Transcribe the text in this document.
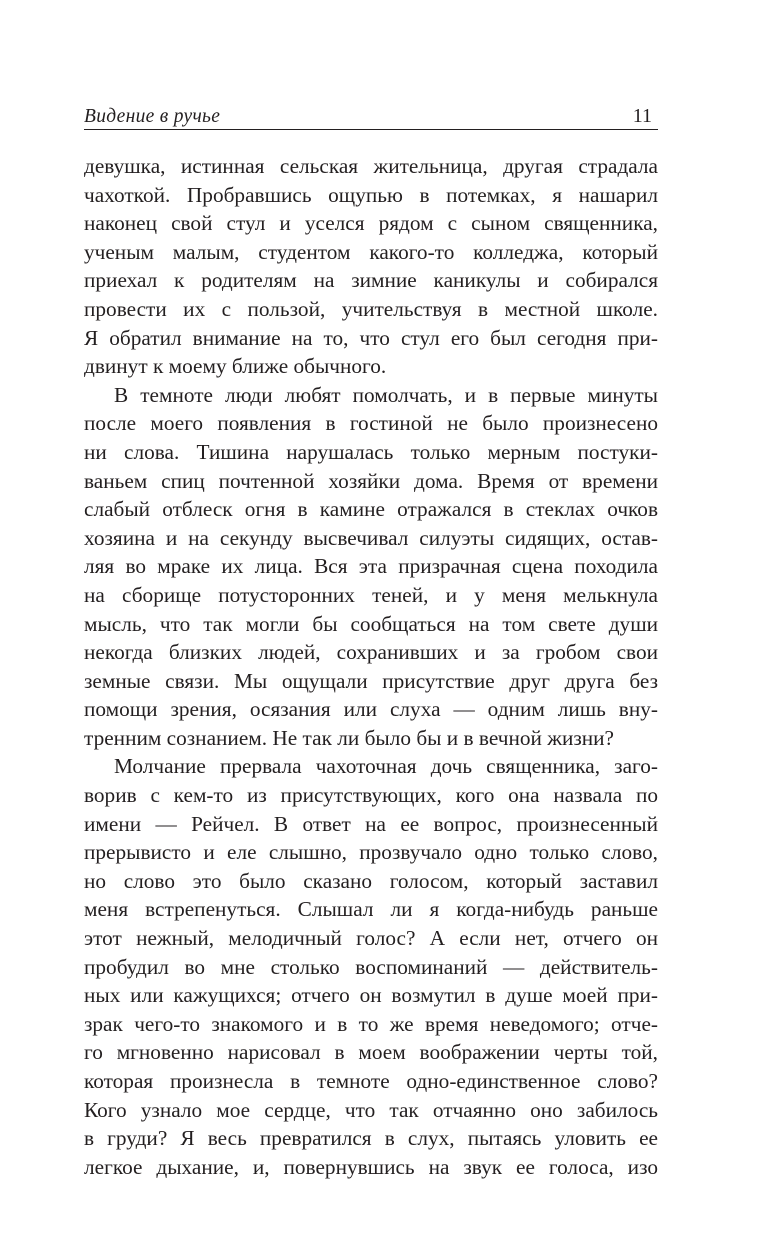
Видение в ручье	11

девушка, истинная сельская жительница, другая страдала
чахоткой. Пробравшись ощупью в потемках, я нашарил
наконец свой стул и уселся рядом с сыном священника,
ученым малым, студентом какого-то колледжа, который
приехал к родителям на зимние каникулы и собирался
провести их с пользой, учительствуя в местной школе.
Я обратил внимание на то, что стул его был сегодня при-
двинут к моему ближе обычного.

В темноте люди любят помолчать, и в первые минуты
после моего появления в гостиной не было произнесено
ни слова. Тишина нарушалась только мерным постуки-
ваньем спиц почтенной хозяйки дома. Время от времени
слабый отблеск огня в камине отражался в стеклах очков
хозяина и на секунду высвечивал силуэты сидящих, остав-
ляя во мраке их лица. Вся эта призрачная сцена походила
на сборище потусторонних теней, и у меня мелькнула
мысль, что так могли бы сообщаться на том свете души
некогда близких людей, сохранивших и за гробом свои
земные связи. Мы ощущали присутствие друг друга без
помощи зрения, осязания или слуха — одним лишь вну-
тренним сознанием. Не так ли было бы и в вечной жизни?

Молчание прервала чахоточная дочь священника, заго-
ворив с кем-то из присутствующих, кого она назвала по
имени — Рейчел. В ответ на ее вопрос, произнесенный
прерывисто и еле слышно, прозвучало одно только слово,
но слово это было сказано голосом, который заставил
меня встрепенуться. Слышал ли я когда-нибудь раньше
этот нежный, мелодичный голос? А если нет, отчего он
пробудил во мне столько воспоминаний — действитель-
ных или кажущихся; отчего он возмутил в душе моей при-
зрак чего-то знакомого и в то же время неведомого; отче-
го мгновенно нарисовал в моем воображении черты той,
которая произнесла в темноте одно-единственное слово?
Кого узнало мое сердце, что так отчаянно оно забилось
в груди? Я весь превратился в слух, пытаясь уловить ее
легкое дыхание, и, повернувшись на звук ее голоса, изо
